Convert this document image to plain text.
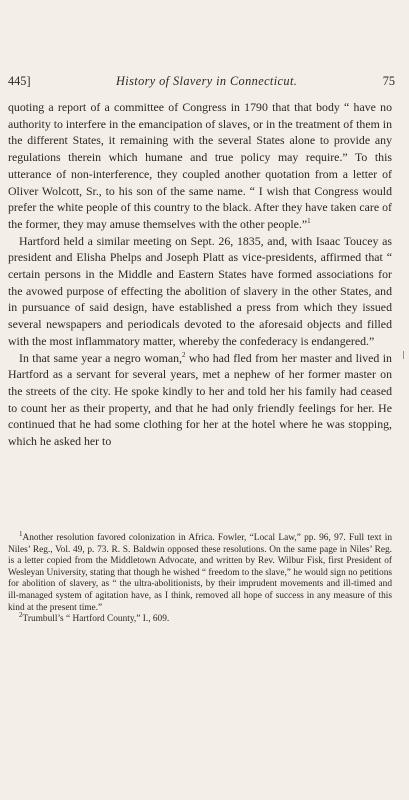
445]	History of Slavery in Connecticut.	75

quoting a report of a committee of Congress in 1790 that that body “ have no authority to interfere in the emancipation of slaves, or in the treatment of them in the different States, it remaining with the several States alone to provide any regulations therein which humane and true policy may require.” To this utterance of non-interference, they coupled another quotation from a letter of Oliver Wolcott, Sr., to his son of the same name. “ I wish that Congress would prefer the white people of this country to the black. After they have taken care of the former, they may amuse themselves with the other people.”$^1$

Hartford held a similar meeting on Sept. 26, 1835, and, with Isaac Toucey as president and Elisha Phelps and Joseph Platt as vice-presidents, affirmed that “ certain persons in the Middle and Eastern States have formed associations for the avowed purpose of effecting the abolition of slavery in the other States, and in pursuance of said design, have established a press from which they issued several newspapers and periodicals devoted to the aforesaid objects and filled with the most inflammatory matter, whereby the confederacy is endangered.”

In that same year a negro woman,$^2$ who had fled from her master and lived in Hartford as a servant for several years, met a nephew of her former master on the streets of the city. He spoke kindly to her and told her his family had ceased to count her as their property, and that he had only friendly feelings for her. He continued that he had some clothing for her at the hotel where he was stopping, which he asked her to

$^1$Another resolution favored colonization in Africa. Fowler, “Local Law,” pp. 96, 97. Full text in Niles’ Reg., Vol. 49, p. 73. R. S. Baldwin opposed these resolutions. On the same page in Niles’ Reg. is a letter copied from the Middletown Advocate, and written by Rev. Wilbur Fisk, first President of Wesleyan University, stating that though he wished “ freedom to the slave,” he would sign no petitions for abolition of slavery, as “ the ultra-abolitionists, by their imprudent movements and ill-timed and ill-managed system of agitation have, as I think, removed all hope of success in any measure of this kind at the present time.”

$^2$Trumbull’s “ Hartford County,” I., 609.
